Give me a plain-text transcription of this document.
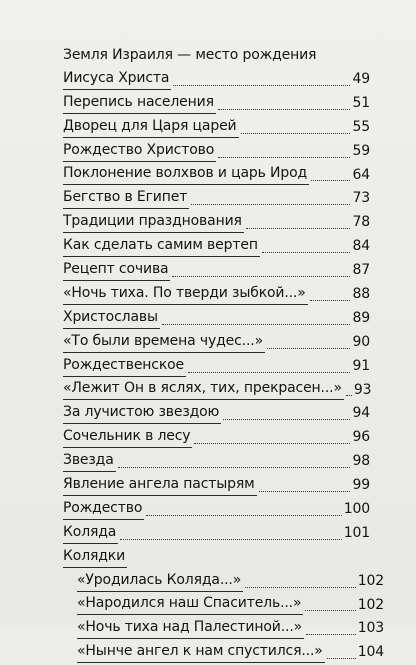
Земля Израиля — место рождения
Иисуса Христа	49
Перепись населения	51
Дворец для Царя царей	55
Рождество Христово	59
Поклонение волхвов и царь Ирод	64
Бегство в Египет	73
Традиции празднования	78
Как сделать самим вертеп	84
Рецепт сочива	87
«Ночь тиха. По тверди зыбкой...»	88
Христославы	89
«То были времена чудес...»	90
Рождественское	91
«Лежит Он в яслях, тих, прекрасен...» 93
За лучистою звездою	94
Сочельник в лесу	96
Звезда	98
Явление ангела пастырям	99
Рождество	100
Коляда	101
Колядки
«Уродилась Коляда...»	102
«Народился наш Спаситель...»	102
«Ночь тиха над Палестиной...»	103
«Нынче ангел к нам спустился...»	104
